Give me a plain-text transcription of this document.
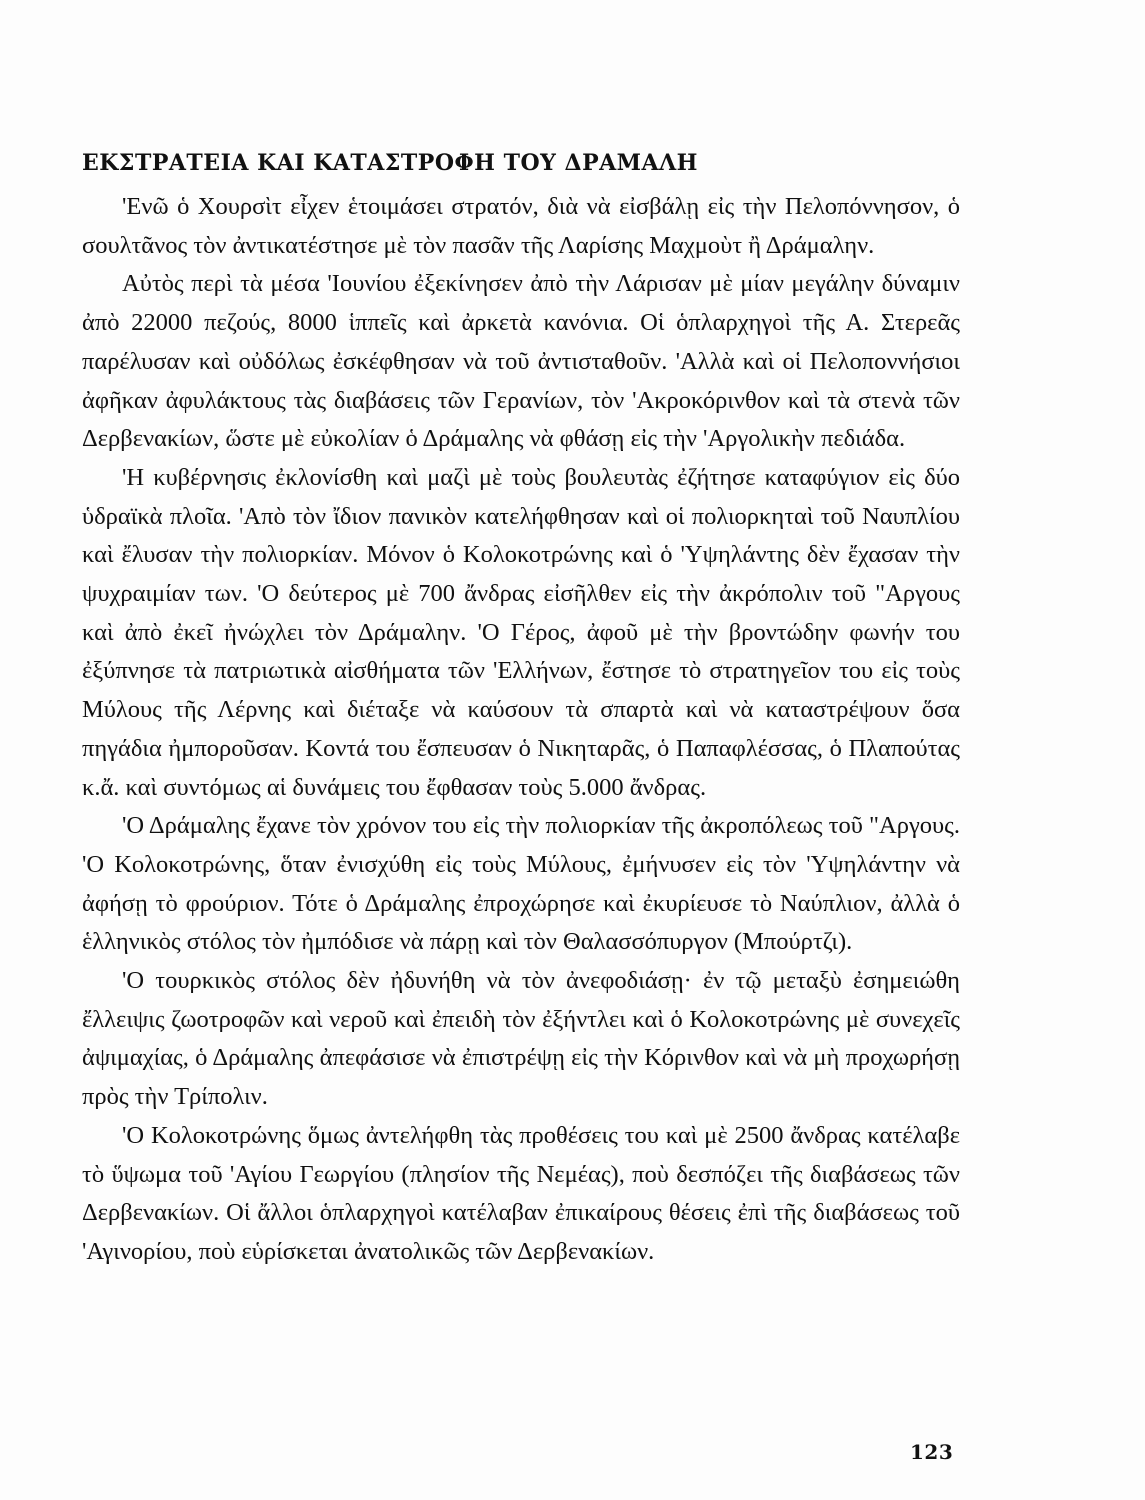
ΕΚΣΤΡΑΤΕΙΑ ΚΑΙ ΚΑΤΑΣΤΡΟΦΗ ΤΟΥ ΔΡΑΜΑΛΗ

'Ενῶ ὁ Χουρσὶτ εἶχεν ἑτοιμάσει στρατόν, διὰ νὰ εἰσβάλῃ εἰς τὴν Πελοπόννησον, ὁ σουλτᾶνος τὸν ἀντικατέστησε μὲ τὸν πασᾶν τῆς Λαρίσης Μαχμοὺτ ἢ Δράμαλην.

Αὐτὸς περὶ τὰ μέσα 'Ιουνίου ἐξεκίνησεν ἀπὸ τὴν Λάρισαν μὲ μίαν μεγάλην δύναμιν ἀπὸ 22000 πεζούς, 8000 ἱππεῖς καὶ ἀρκετὰ κανόνια. Οἱ ὁπλαρχηγοὶ τῆς Α. Στερεᾶς παρέλυσαν καὶ οὐδόλως ἐσκέφθησαν νὰ τοῦ ἀντισταθοῦν. 'Αλλὰ καὶ οἱ Πελοποννήσιοι ἀφῆκαν ἀφυλάκτους τὰς διαβάσεις τῶν Γερανίων, τὸν 'Ακροκόρινθον καὶ τὰ στενὰ τῶν Δερβενακίων, ὥστε μὲ εὐκολίαν ὁ Δράμαλης νὰ φθάσῃ εἰς τὴν 'Αργολικὴν πεδιάδα.

'Η κυβέρνησις ἐκλονίσθη καὶ μαζὶ μὲ τοὺς βουλευτὰς ἐζήτησε καταφύγιον εἰς δύο ὑδραϊκὰ πλοῖα. 'Απὸ τὸν ἴδιον πανικὸν κατελήφθησαν καὶ οἱ πολιορκηταὶ τοῦ Ναυπλίου καὶ ἔλυσαν τὴν πολιορκίαν. Μόνον ὁ Κολοκοτρώνης καὶ ὁ 'Υψηλάντης δὲν ἔχασαν τὴν ψυχραιμίαν των. 'Ο δεύτερος μὲ 700 ἄνδρας εἰσῆλθεν εἰς τὴν ἀκρόπολιν τοῦ "Αργους καὶ ἀπὸ ἐκεῖ ἠνώχλει τὸν Δράμαλην. 'Ο Γέρος, ἀφοῦ μὲ τὴν βροντώδην φωνήν του ἐξύπνησε τὰ πατριωτικὰ αἰσθήματα τῶν 'Ελλήνων, ἔστησε τὸ στρατηγεῖον του εἰς τοὺς Μύλους τῆς Λέρνης καὶ διέταξε νὰ καύσουν τὰ σπαρτὰ καὶ νὰ καταστρέψουν ὅσα πηγάδια ἠμποροῦσαν. Κοντά του ἔσπευσαν ὁ Νικηταρᾶς, ὁ Παπαφλέσσας, ὁ Πλαπούτας κ.ἄ. καὶ συντόμως αἱ δυνάμεις του ἔφθασαν τοὺς 5.000 ἄνδρας.

'Ο Δράμαλης ἔχανε τὸν χρόνον του εἰς τὴν πολιορκίαν τῆς ἀκροπόλεως τοῦ "Αργους. 'Ο Κολοκοτρώνης, ὅταν ἐνισχύθη εἰς τοὺς Μύλους, ἐμήνυσεν εἰς τὸν 'Υψηλάντην νὰ ἀφήσῃ τὸ φρούριον. Τότε ὁ Δράμαλης ἐπροχώρησε καὶ ἐκυρίευσε τὸ Ναύπλιον, ἀλλὰ ὁ ἑλληνικὸς στόλος τὸν ἠμπόδισε νὰ πάρῃ καὶ τὸν Θαλασσόπυργον (Μπούρτζι).

'Ο τουρκικὸς στόλος δὲν ἠδυνήθη νὰ τὸν ἀνεφοδιάσῃ· ἐν τῷ μεταξὺ ἐσημειώθη ἔλλειψις ζωοτροφῶν καὶ νεροῦ καὶ ἐπειδὴ τὸν ἐξήντλει καὶ ὁ Κολοκοτρώνης μὲ συνεχεῖς ἀψιμαχίας, ὁ Δράμαλης ἀπεφάσισε νὰ ἐπιστρέψῃ εἰς τὴν Κόρινθον καὶ νὰ μὴ προχωρήσῃ πρὸς τὴν Τρίπολιν.

'Ο Κολοκοτρώνης ὅμως ἀντελήφθη τὰς προθέσεις του καὶ μὲ 2500 ἄνδρας κατέλαβε τὸ ὕψωμα τοῦ 'Αγίου Γεωργίου (πλησίον τῆς Νεμέας), ποὺ δεσπόζει τῆς διαβάσεως τῶν Δερβενακίων. Οἱ ἄλλοι ὁπλαρχηγοὶ κατέλαβαν ἐπικαίρους θέσεις ἐπὶ τῆς διαβάσεως τοῦ 'Αγινορίου, ποὺ εὑρίσκεται ἀνατολικῶς τῶν Δερβενακίων.

123
